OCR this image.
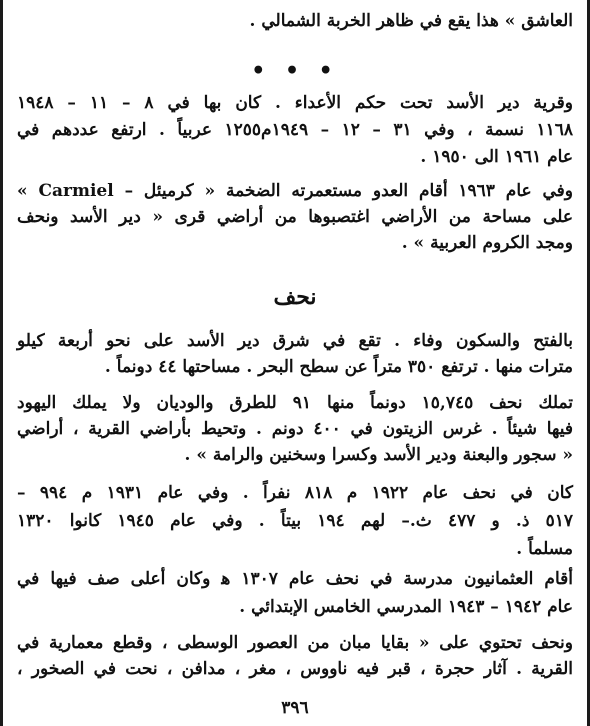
العاشق » هذا يقع في ظاهر الخربة الشمالي .
• • •
وقرية دير الأسد تحت حكم الأعداء . كان بها في ٨ – ١١ – ١٩٤٨
١١٦٨ نسمة ، وفي ٣١ – ١٢ – ١٩٤٩م١٢٥٥ عربياً . ارتفع عددهم في
عام ١٩٦١ الى ١٩٥٠ .
وفي عام ١٩٦٣ أقام العدو مستعمرته الضخمة « كرميئل – Carmiel »
على مساحة من الأراضي اغتصبوها من أراضي قرى « دير الأسد ونحف
ومجد الكروم العربية » .
نحف
بالفتح والسكون وفاء . تقع في شرق دير الأسد على نحو أربعة كيلو
مترات منها . ترتفع ٣٥٠ متراً عن سطح البحر . مساحتها ٤٤ دونماً .
تملك نحف ١٥,٧٤٥ دونماً منها ٩١ للطرق والوديان ولا يملك اليهود
فيها شيئاً . غرس الزيتون في ٤٠٠ دونم . وتحيط بأراضي القرية ، أراضي
« سجور والبعنة ودير الأسد وكسرا وسخنين والرامة » .
كان في نحف عام ١٩٢٢ م ٨١٨ نفراً . وفي عام ١٩٣١ م ٩٩٤ –
٥١٧ ذ. و ٤٧٧ ث.– لهم ١٩٤ بيتاً . وفي عام ١٩٤٥ كانوا ١٣٢٠
مسلماً .
أقام العثمانيون مدرسة في نحف عام ١٣٠٧ ﻫ وكان أعلى صف فيها في
عام ١٩٤٢ – ١٩٤٣ المدرسي الخامس الإبتدائي .
ونحف تحتوي على « بقايا مبان من العصور الوسطى ، وقطع معمارية في
القرية . آثار حجرة ، قبر فيه ناووس ، مغر ، مدافن ، نحت في الصخور ،
٣٩٦
